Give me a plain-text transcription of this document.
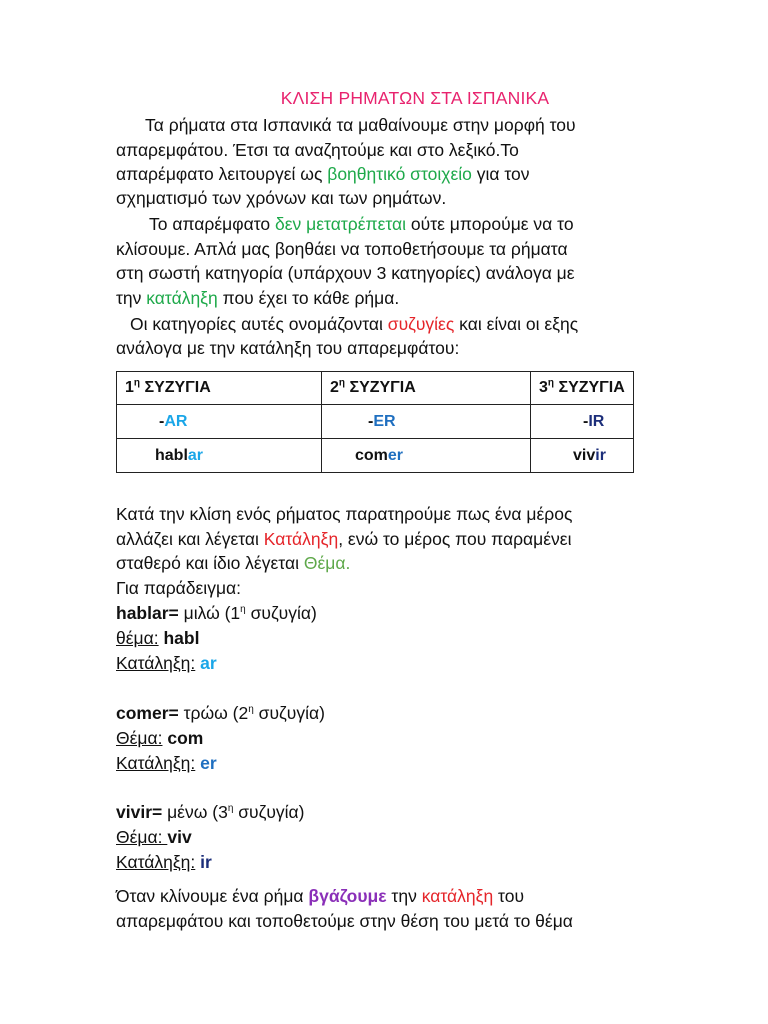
ΚΛΙΣΗ ΡΗΜΑΤΩΝ ΣΤΑ ΙΣΠΑΝΙΚΑ
Τα ρήματα στα Ισπανικά τα μαθαίνουμε στην μορφή του
απαρεμφάτου. Έτσι τα αναζητούμε και στο λεξικό.Το
απαρέμφατο λειτουργεί ως βοηθητικό στοιχείο για τον
σχηματισμό των χρόνων και των ρημάτων.
Το απαρέμφατο δεν μετατρέπεται ούτε μπορούμε να το
κλίσουμε. Απλά μας βοηθάει να τοποθετήσουμε τα ρήματα
στη σωστή κατηγορία (υπάρχουν 3 κατηγορίες) ανάλογα με
την κατάληξη που έχει το κάθε ρήμα.
Οι κατηγορίες αυτές ονομάζονται συζυγίες και είναι οι εξης
ανάλογα με την κατάληξη του απαρεμφάτου:
$1^\eta$ ΣΥΖΥΓΙΑ	$2^\eta$ ΣΥΖΥΓΙΑ	$3^\eta$ ΣΥΖΥΓΙΑ
-AR	-ER	-IR
hablar	comer	vivir
Κατά την κλίση ενός ρήματος παρατηρούμε πως ένα μέρος
αλλάζει και λέγεται Κατάληξη, ενώ το μέρος που παραμένει
σταθερό και ίδιο λέγεται Θέμα.
Για παράδειγμα:
hablar= μιλώ ($1^\eta$ συζυγία)
θέμα: habl
Κατάληξη: ar
comer= τρώω ($2^\eta$ συζυγία)
Θέμα: com
Κατάληξη: er
vivir= μένω ($3^\eta$ συζυγία)
Θέμα: viv
Κατάληξη: ir
Όταν κλίνουμε ένα ρήμα βγάζουμε την κατάληξη του
απαρεμφάτου και τοποθετούμε στην θέση του μετά το θέμα
